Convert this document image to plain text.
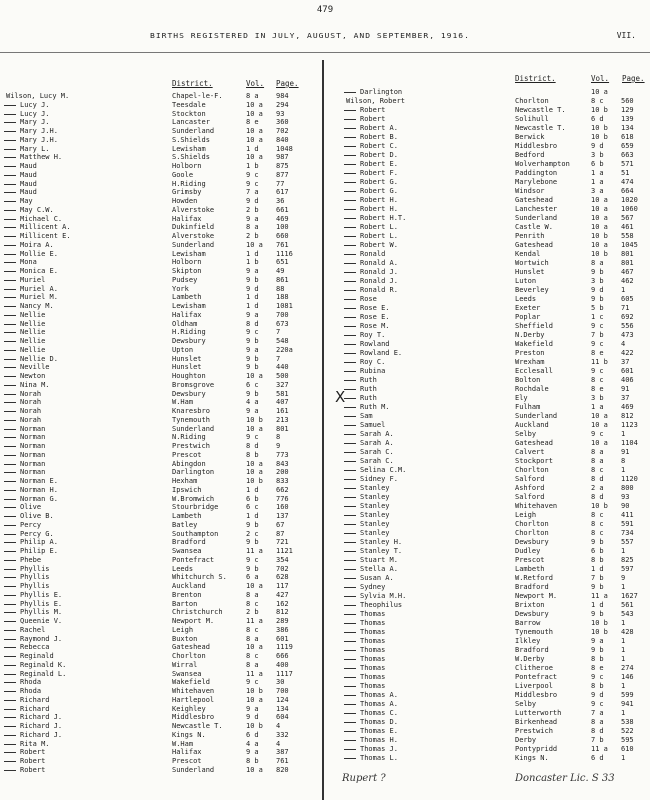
479
BIRTHS REGISTERED IN JULY, AUGUST, AND SEPTEMBER, 1916.	VII.
District.	Vol. Page.
District.	Vol. Page.
Wilson, Lucy M.	Chapel-le-F.	8 a	984
Lucy J.	Teesdale	10 a	294
Lucy J.	Stockton	10 a	93
Mary J.	Lancaster	8 e	360
Mary J.H.	Sunderland	10 a	702
Mary J.H.	S.Shields	10 a	840
Mary L.	Lewisham	1 d	1048
Matthew H.	S.Shields	10 a	987
Maud	Holborn	1 b	875
Maud	Goole	9 c	877
Maud	H.Riding	9 c	77
Maud	Grimsby	7 a	617
May	Howden	9 d	36
May C.W.	Alverstoke	2 b	661
Michael C.	Halifax	9 a	469
Millicent A.	Dukinfield	8 a	100
Millicent E.	Alverstoke	2 b	660
Moira A.	Sunderland	10 a	761
Mollie E.	Lewisham	1 d	1116
Mona	Holborn	1 b	651
Monica E.	Skipton	9 a	49
Muriel	Pudsey	9 b	861
Muriel A.	York	9 d	88
Muriel M.	Lambeth	1 d	188
Nancy M.	Lewisham	1 d	1081
Nellie	Halifax	9 a	700
Nellie	Oldham	8 d	673
Nellie	H.Riding	9 c	7
Nellie	Dewsbury	9 b	548
Nellie	Upton	9 a	220a
Nellie D.	Hunslet	9 b	7
Neville	Hunslet	9 b	440
Newton	Houghton	10 a	500
Nina M.	Bromsgrove	6 c	327
Norah	Dewsbury	9 b	581
Norah	W.Ham	4 a	407
Norah	Knaresbro	9 a	161
Norah	Tynemouth	10 b	213
Norman	Sunderland	10 a	801
Norman	N.Riding	9 c	8
Norman	Prestwich	8 d	9
Norman	Prescot	8 b	773
Norman	Abingdon	10 a	843
Norman	Darlington	10 a	200
Norman E.	Hexham	10 b	833
Norman H.	Ipswich	1 d	662
Norman G.	W.Bromwich	6 b	776
Olive	Stourbridge	6 c	160
Olive B.	Lambeth	1 d	137
Percy	Batley	9 b	67
Percy G.	Southampton	2 c	87
Philip A.	Bradford	9 b	721
Philip E.	Swansea	11 a	1121
Phebe	Pontefract	9 c	354
Phyllis	Leeds	9 b	702
Phyllis	Whitchurch S.	6 a	628
Phyllis	Auckland	10 a	117
Phyllis E.	Brenton	8 a	427
Phyllis E.	Barton	8 c	162
Phyllis M.	Christchurch	2 b	812
Queenie V.	Newport M.	11 a	289
Rachel	Leigh	8 c	386
Raymond J.	Buxton	8 a	601
Rebecca	Gateshead	10 a	1119
Reginald	Chorlton	8 c	666
Reginald K.	Wirral	8 a	400
Reginald L.	Swansea	11 a	1117
Rhoda	Wakefield	9 c	30
Rhoda	Whitehaven	10 b	700
Richard	Hartlepool	10 a	124
Richard	Keighley	9 a	134
Richard J.	Middlesbro	9 d	604
Richard J.	Newcastle T.	10 b	4
Richard J.	Kings N.	6 d	332
Rita M.	W.Ham	4 a	4
Robert	Halifax	9 a	387
Robert	Prescot	8 b	761
Robert	Sunderland	10 a	820
Darlington	10 a
Wilson, Robert	Chorlton	8 c	560
Robert	Newcastle T.	10 b	129
Robert	Solihull	6 d	139
Robert A.	Newcastle T.	10 b	134
Robert B.	Berwick	10 b	618
Robert C.	Middlesbro	9 d	659
Robert D.	Bedford	3 b	663
Robert E.	Wolverhampton	6 b	571
Robert F.	Paddington	1 a	51
Robert G.	Marylebone	1 a	474
Robert G.	Windsor	3 a	664
Robert H.	Gateshead	10 a	1020
Robert H.	Lanchester	10 a	1060
Robert H.T.	Sunderland	10 a	567
Robert L.	Castle W.	10 a	461
Robert L.	Penrith	10 b	558
Robert W.	Gateshead	10 a	1045
Ronald	Kendal	10 b	801
Ronald A.	Wortwich	8 a	801
Ronald J.	Hunslet	9 b	467
Ronald J.	Luton	3 b	462
Ronald R.	Beverley	9 d	1
Rose	Leeds	9 b	605
Rose E.	Exeter	5 b	71
Rose E.	Poplar	1 c	692
Rose M.	Sheffield	9 c	556
Roy T.	N.Derby	7 b	473
Rowland	Wakefield	9 c	4
Rowland E.	Preston	8 e	422
Roy C.	Wrexham	11 b	37
Rubina	Ecclesall	9 c	601
Ruth	Bolton	8 c	406
Ruth	Rochdale	8 e	91
Ruth	Ely	3 b	37
Ruth M.	Fulham	1 a	469
Sam	Sunderland	10 a	812
Samuel	Auckland	10 a	1123
Sarah A.	Selby	9 c	1
Sarah A.	Gateshead	10 a	1104
Sarah C.	Calvert	8 a	91
Sarah C.	Stockport	8 a	8
Selina C.M.	Chorlton	8 c	1
Sidney F.	Salford	8 d	1120
Stanley	Ashford	2 a	800
Stanley	Salford	8 d	93
Stanley	Whitehaven	10 b	90
Stanley	Leigh	8 c	411
Stanley	Chorlton	8 c	591
Stanley	Chorlton	8 c	734
Stanley H.	Dewsbury	9 b	557
Stanley T.	Dudley	6 b	1
Stuart M.	Prescot	8 b	825
Stella A.	Lambeth	1 d	597
Susan A.	W.Retford	7 b	9
Sydney	Bradford	9 b	1
Sylvia M.H.	Newport M.	11 a	1627
Theophilus	Brixton	1 d	561
Thomas	Dewsbury	9 b	543
Thomas	Barrow	10 b	1
Thomas	Tynemouth	10 b	428
Thomas	Ilkley	9 a	1
Thomas	Bradford	9 b	1
Thomas	W.Derby	8 b	1
Thomas	Clitheroe	8 e	274
Thomas	Pontefract	9 c	146
Thomas	Liverpool	8 b	1
Thomas A.	Middlesbro	9 d	599
Thomas A.	Selby	9 c	941
Thomas C.	Lutterworth	7 a	1
Thomas D.	Birkenhead	8 a	538
Thomas E.	Prestwich	8 d	522
Thomas H.	Derby	7 b	595
Thomas J.	Pontypridd	11 a	610
Thomas L.	Kings N.	6 d	1
X
Rupert ?	Doncaster Lic. S 33
